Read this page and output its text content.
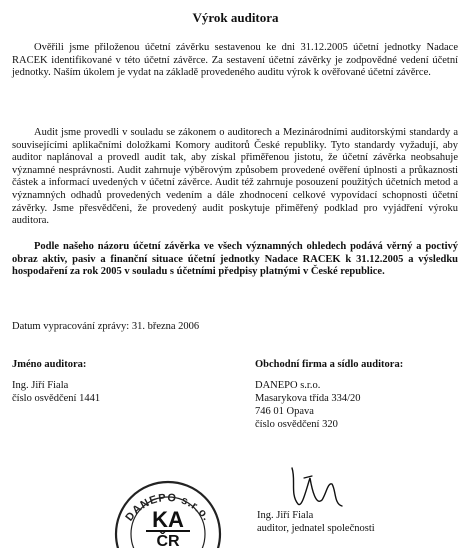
Výrok auditora

Ověřili jsme přiloženou účetní závěrku sestavenou ke dni 31.12.2005 účetní jednotky Nadace RACEK identifikované v této účetní závěrce. Za sestavení účetní závěrky je zodpovědné vedení účetní jednotky. Naším úkolem je vydat na základě provedeného auditu výrok k ověřované účetní závěrce.

Audit jsme provedli v souladu se zákonem o auditorech a Mezinárodními auditorskými standardy a souvisejícími aplikačními doložkami Komory auditorů České republiky. Tyto standardy vyžadují, aby auditor naplánoval a provedl audit tak, aby získal přiměřenou jistotu, že účetní závěrka neobsahuje významné nesprávnosti. Audit zahrnuje výběrovým způsobem provedené ověření úplnosti a průkaznosti částek a informací uvedených v účetní závěrce. Audit též zahrnuje posouzení použitých účetních metod a významných odhadů provedených vedením a dále zhodnocení celkové vypovídací schopnosti účetní závěrky. Jsme přesvědčeni, že provedený audit poskytuje přiměřený podklad pro vyjádření výroku auditora.

Podle našeho názoru účetní závěrka ve všech významných ohledech podává věrný a poctivý obraz aktiv, pasiv a finanční situace účetní jednotky Nadace RACEK k 31.12.2005 a výsledku hospodaření za rok 2005 v souladu s účetními předpisy platnými v České republice.

Datum vypracování zprávy: 31. března 2006
Jméno auditora:
Ing. Jiří Fiala
číslo osvědčení 1441
Obchodní firma a sídlo auditora:
DANEPO s.r.o.
Masarykova třída 334/20
746 01 Opava
číslo osvědčení 320
DANEPO s.r.o.
KA
ČR
Ing. Jiří Fiala
auditor, jednatel společnosti
